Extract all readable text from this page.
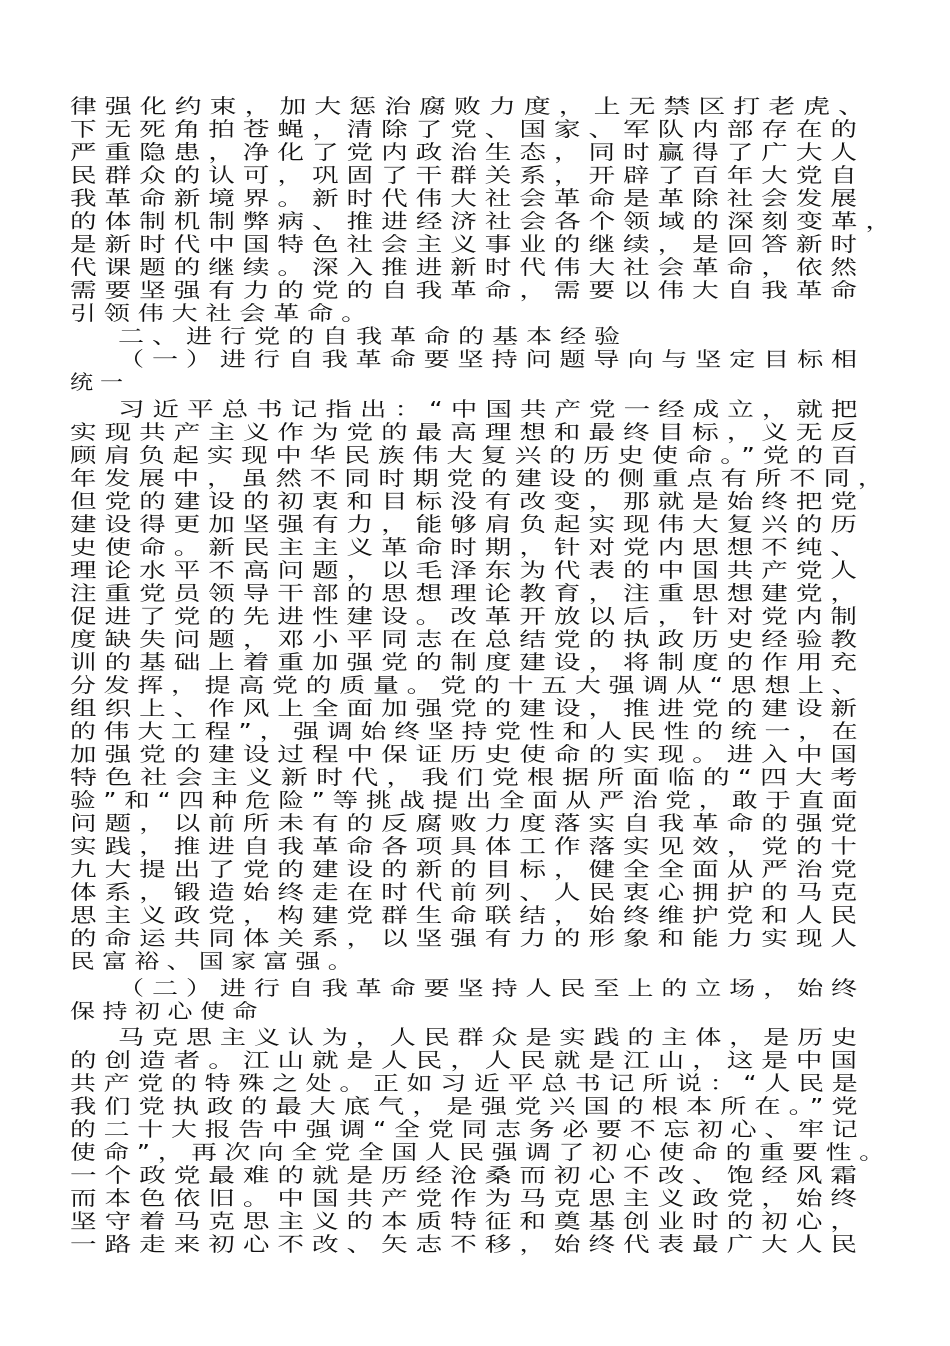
律强化约束，加大惩治腐败力度，上无禁区打老虎、
下无死角拍苍蝇，清除了党、国家、军队内部存在的
严重隐患，净化了党内政治生态，同时赢得了广大人
民群众的认可，巩固了干群关系，开辟了百年大党自
我革命新境界。新时代伟大社会革命是革除社会发展
的体制机制弊病、推进经济社会各个领域的深刻变革，
是新时代中国特色社会主义事业的继续，是回答新时
代课题的继续。深入推进新时代伟大社会革命，依然
需要坚强有力的党的自我革命，需要以伟大自我革命
引领伟大社会革命。
二、进行党的自我革命的基本经验
（一）进行自我革命要坚持问题导向与坚定目标相
统一
习近平总书记指出：“中国共产党一经成立，就把
实现共产主义作为党的最高理想和最终目标，义无反
顾肩负起实现中华民族伟大复兴的历史使命。”党的百
年发展中，虽然不同时期党的建设的侧重点有所不同，
但党的建设的初衷和目标没有改变，那就是始终把党
建设得更加坚强有力，能够肩负起实现伟大复兴的历
史使命。新民主主义革命时期，针对党内思想不纯、
理论水平不高问题，以毛泽东为代表的中国共产党人
注重党员领导干部的思想理论教育，注重思想建党，
促进了党的先进性建设。改革开放以后，针对党内制
度缺失问题，邓小平同志在总结党的执政历史经验教
训的基础上着重加强党的制度建设，将制度的作用充
分发挥，提高党的质量。党的十五大强调从“思想上、
组织上、作风上全面加强党的建设，推进党的建设新
的伟大工程”，强调始终坚持党性和人民性的统一，在
加强党的建设过程中保证历史使命的实现。进入中国
特色社会主义新时代，我们党根据所面临的“四大考
验”和“四种危险”等挑战提出全面从严治党，敢于直面
问题，以前所未有的反腐败力度落实自我革命的强党
实践，推进自我革命各项具体工作落实见效，党的十
九大提出了党的建设的新的目标，健全全面从严治党
体系，锻造始终走在时代前列、人民衷心拥护的马克
思主义政党，构建党群生命联结，始终维护党和人民
的命运共同体关系，以坚强有力的形象和能力实现人
民富裕、国家富强。
（二）进行自我革命要坚持人民至上的立场，始终
保持初心使命
马克思主义认为，人民群众是实践的主体，是历史
的创造者。江山就是人民，人民就是江山，这是中国
共产党的特殊之处。正如习近平总书记所说：“人民是
我们党执政的最大底气，是强党兴国的根本所在。”党
的二十大报告中强调“全党同志务必要不忘初心、牢记
使命”，再次向全党全国人民强调了初心使命的重要性。
一个政党最难的就是历经沧桑而初心不改、饱经风霜
而本色依旧。中国共产党作为马克思主义政党，始终
坚守着马克思主义的本质特征和奠基创业时的初心，
一路走来初心不改、矢志不移，始终代表最广大人民
